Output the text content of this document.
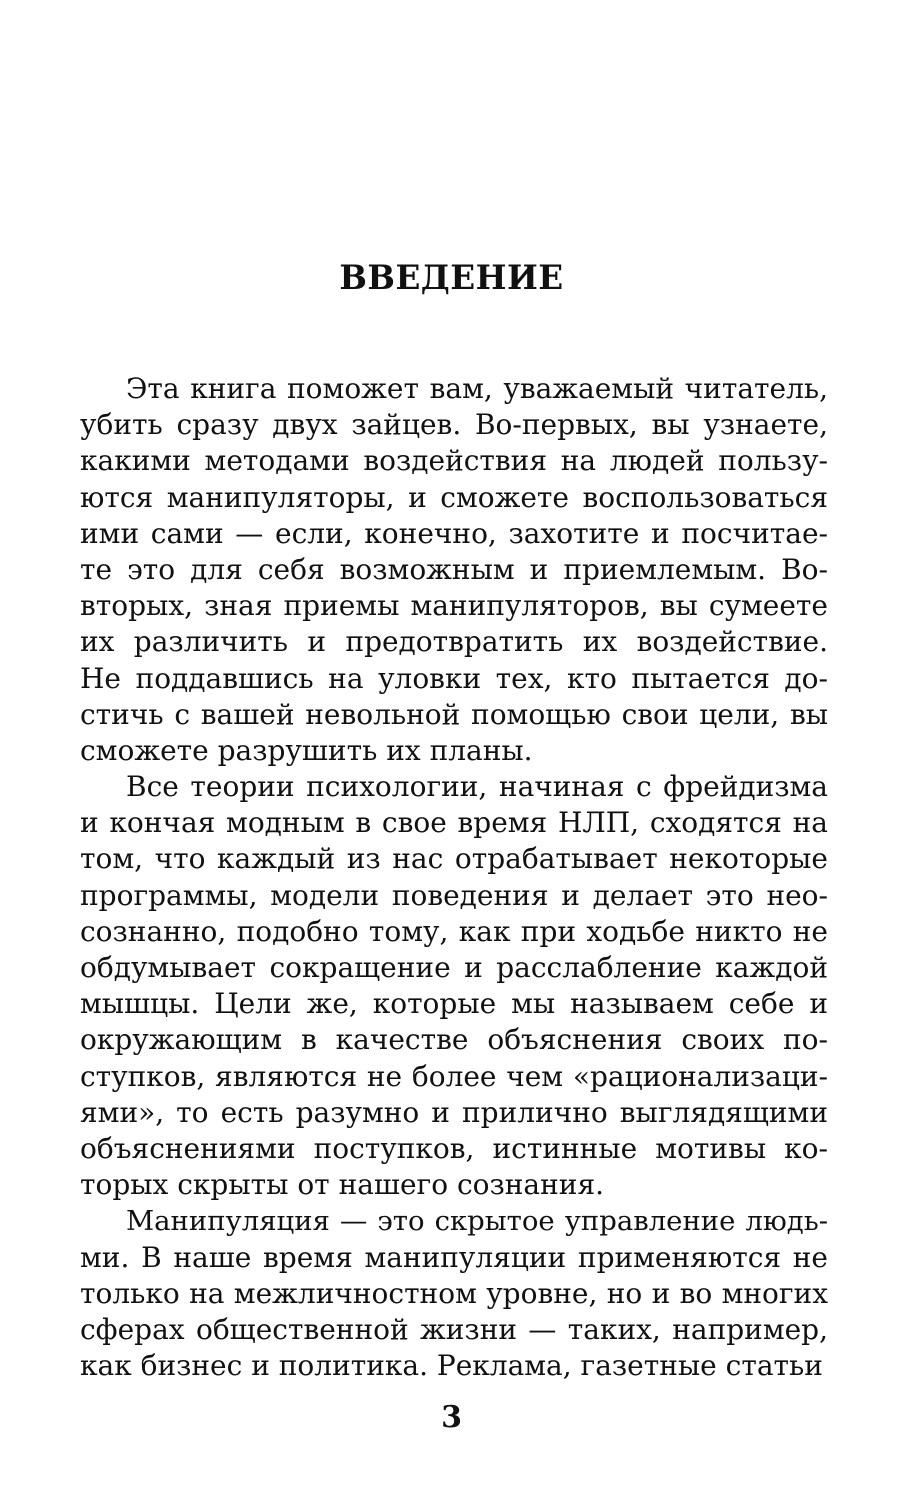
ВВЕДЕНИЕ
Эта книга поможет вам, уважаемый читатель,
убить сразу двух зайцев. Во-первых, вы узнаете,
какими методами воздействия на людей пользу-
ются манипуляторы, и сможете воспользоваться
ими сами — если, конечно, захотите и посчитае-
те это для себя возможным и приемлемым. Во-
вторых, зная приемы манипуляторов, вы сумеете
их различить и предотвратить их воздействие.
Не поддавшись на уловки тех, кто пытается до-
стичь с вашей невольной помощью свои цели, вы
сможете разрушить их планы.
Все теории психологии, начиная с фрейдизма
и кончая модным в свое время НЛП, сходятся на
том, что каждый из нас отрабатывает некоторые
программы, модели поведения и делает это нео-
сознанно, подобно тому, как при ходьбе никто не
обдумывает сокращение и расслабление каждой
мышцы. Цели же, которые мы называем себе и
окружающим в качестве объяснения своих по-
ступков, являются не более чем «рационализаци-
ями», то есть разумно и прилично выглядящими
объяснениями поступков, истинные мотивы ко-
торых скрыты от нашего сознания.
Манипуляция — это скрытое управление людь-
ми. В наше время манипуляции применяются не
только на межличностном уровне, но и во многих
сферах общественной жизни — таких, например,
как бизнес и политика. Реклама, газетные статьи
3
